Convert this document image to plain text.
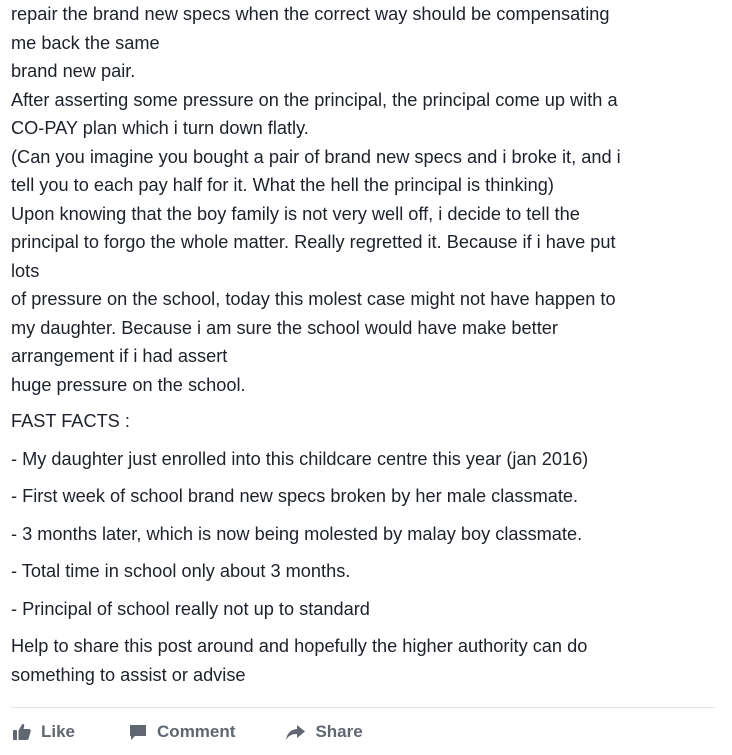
repair the brand new specs when the correct way should be compensating
me back the same
brand new pair.
After asserting some pressure on the principal, the principal come up with a
CO-PAY plan which i turn down flatly.
(Can you imagine you bought a pair of brand new specs and i broke it, and i
tell you to each pay half for it. What the hell the principal is thinking)
Upon knowing that the boy family is not very well off, i decide to tell the
principal to forgo the whole matter. Really regretted it. Because if i have put
lots
of pressure on the school, today this molest case might not have happen to
my daughter. Because i am sure the school would have make better
arrangement if i had assert
huge pressure on the school.
FAST FACTS :
- My daughter just enrolled into this childcare centre this year (jan 2016)
- First week of school brand new specs broken by her male classmate.
- 3 months later, which is now being molested by malay boy classmate.
- Total time in school only about 3 months.
- Principal of school really not up to standard
Help to share this post around and hopefully the higher authority can do
something to assist or advise
Like	Comment	Share
